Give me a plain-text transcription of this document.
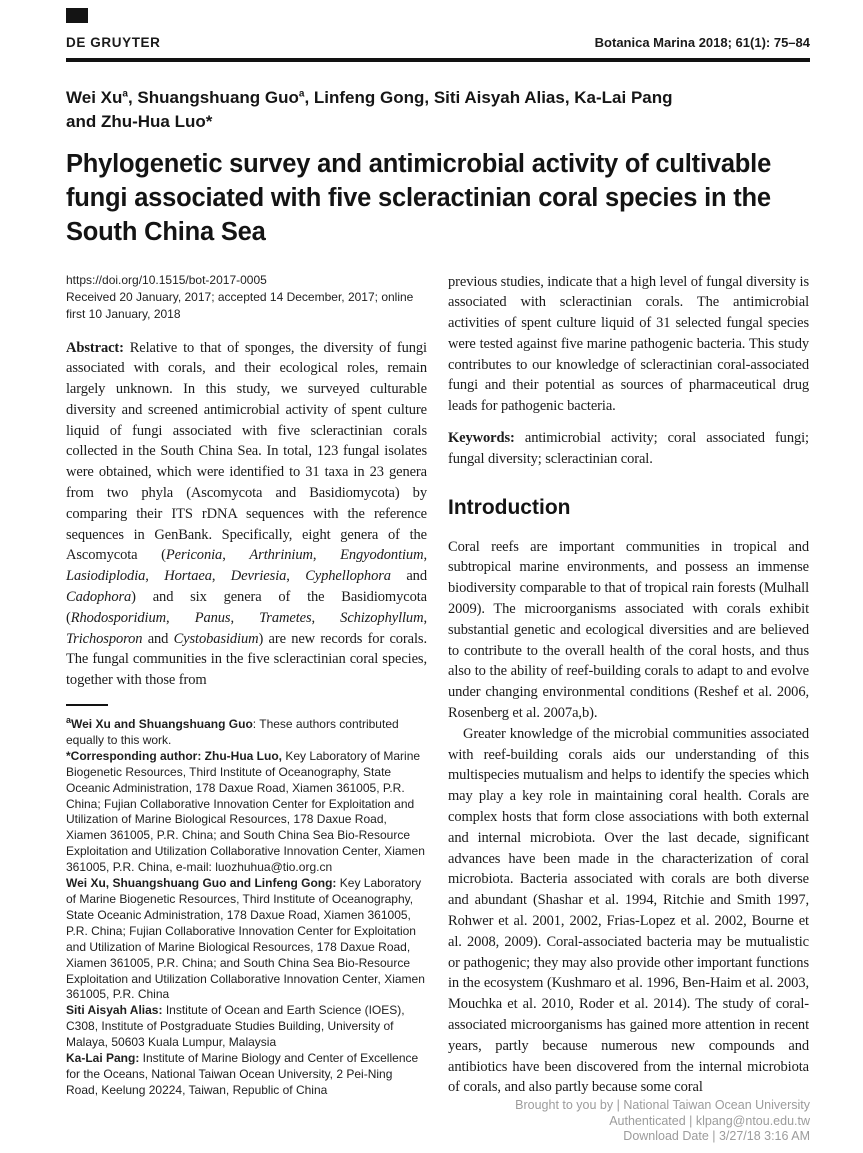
DE GRUYTER	Botanica Marina 2018; 61(1): 75–84
Wei Xu$^a$, Shuangshuang Guo$^a$, Linfeng Gong, Siti Aisyah Alias, Ka-Lai Pang
and Zhu-Hua Luo*
Phylogenetic survey and antimicrobial activity of cultivable fungi associated with five scleractinian coral species in the South China Sea
https://doi.org/10.1515/bot-2017-0005
Received 20 January, 2017; accepted 14 December, 2017; online first 10 January, 2018

Abstract: Relative to that of sponges, the diversity of fungi associated with corals, and their ecological roles, remain largely unknown. In this study, we surveyed culturable diversity and screened antimicrobial activity of spent culture liquid of fungi associated with five scleractinian corals collected in the South China Sea. In total, 123 fungal isolates were obtained, which were identified to 31 taxa in 23 genera from two phyla (Ascomycota and Basidiomycota) by comparing their ITS rDNA sequences with the reference sequences in GenBank. Specifically, eight genera of the Ascomycota (Periconia, Arthrinium, Engyodontium, Lasiodiplodia, Hortaea, Devriesia, Cyphellophora and Cadophora) and six genera of the Basidiomycota (Rhodosporidium, Panus, Trametes, Schizophyllum, Trichosporon and Cystobasidium) are new records for corals. The fungal communities in the five scleractinian coral species, together with those from

$^a$Wei Xu and Shuangshuang Guo: These authors contributed equally to this work.

*Corresponding author: Zhu-Hua Luo, Key Laboratory of Marine Biogenetic Resources, Third Institute of Oceanography, State Oceanic Administration, 178 Daxue Road, Xiamen 361005, P.R. China; Fujian Collaborative Innovation Center for Exploitation and Utilization of Marine Biological Resources, 178 Daxue Road, Xiamen 361005, P.R. China; and South China Sea Bio-Resource Exploitation and Utilization Collaborative Innovation Center, Xiamen 361005, P.R. China, e-mail: luozhuhua@tio.org.cn

Wei Xu, Shuangshuang Guo and Linfeng Gong: Key Laboratory of Marine Biogenetic Resources, Third Institute of Oceanography, State Oceanic Administration, 178 Daxue Road, Xiamen 361005, P.R. China; Fujian Collaborative Innovation Center for Exploitation and Utilization of Marine Biological Resources, 178 Daxue Road, Xiamen 361005, P.R. China; and South China Sea Bio-Resource Exploitation and Utilization Collaborative Innovation Center, Xiamen 361005, P.R. China

Siti Aisyah Alias: Institute of Ocean and Earth Science (IOES), C308, Institute of Postgraduate Studies Building, University of Malaya, 50603 Kuala Lumpur, Malaysia

Ka-Lai Pang: Institute of Marine Biology and Center of Excellence for the Oceans, National Taiwan Ocean University, 2 Pei-Ning Road, Keelung 20224, Taiwan, Republic of China

previous studies, indicate that a high level of fungal diversity is associated with scleractinian corals. The antimicrobial activities of spent culture liquid of 31 selected fungal species were tested against five marine pathogenic bacteria. This study contributes to our knowledge of scleractinian coral-associated fungi and their potential as sources of pharmaceutical drug leads for pathogenic bacteria.

Keywords: antimicrobial activity; coral associated fungi; fungal diversity; scleractinian coral.

Introduction

Coral reefs are important communities in tropical and subtropical marine environments, and possess an immense biodiversity comparable to that of tropical rain forests (Mulhall 2009). The microorganisms associated with corals exhibit substantial genetic and ecological diversities and are believed to contribute to the overall health of the coral hosts, and thus also to the ability of reef-building corals to adapt to and evolve under changing environmental conditions (Reshef et al. 2006, Rosenberg et al. 2007a,b).

Greater knowledge of the microbial communities associated with reef-building corals aids our understanding of this multispecies mutualism and helps to identify the species which may play a key role in maintaining coral health. Corals are complex hosts that form close associations with both external and internal microbiota. Over the last decade, significant advances have been made in the characterization of coral microbiota. Bacteria associated with corals are both diverse and abundant (Shashar et al. 1994, Ritchie and Smith 1997, Rohwer et al. 2001, 2002, Frias-Lopez et al. 2002, Bourne et al. 2008, 2009). Coral-associated bacteria may be mutualistic or pathogenic; they may also provide other important functions in the ecosystem (Kushmaro et al. 1996, Ben-Haim et al. 2003, Mouchka et al. 2010, Roder et al. 2014). The study of coral-associated microorganisms has gained more attention in recent years, partly because numerous new compounds and antibiotics have been discovered from the internal microbiota of corals, and also partly because some coral

Brought to you by | National Taiwan Ocean University
Authenticated | klpang@ntou.edu.tw
Download Date | 3/27/18 3:16 AM
